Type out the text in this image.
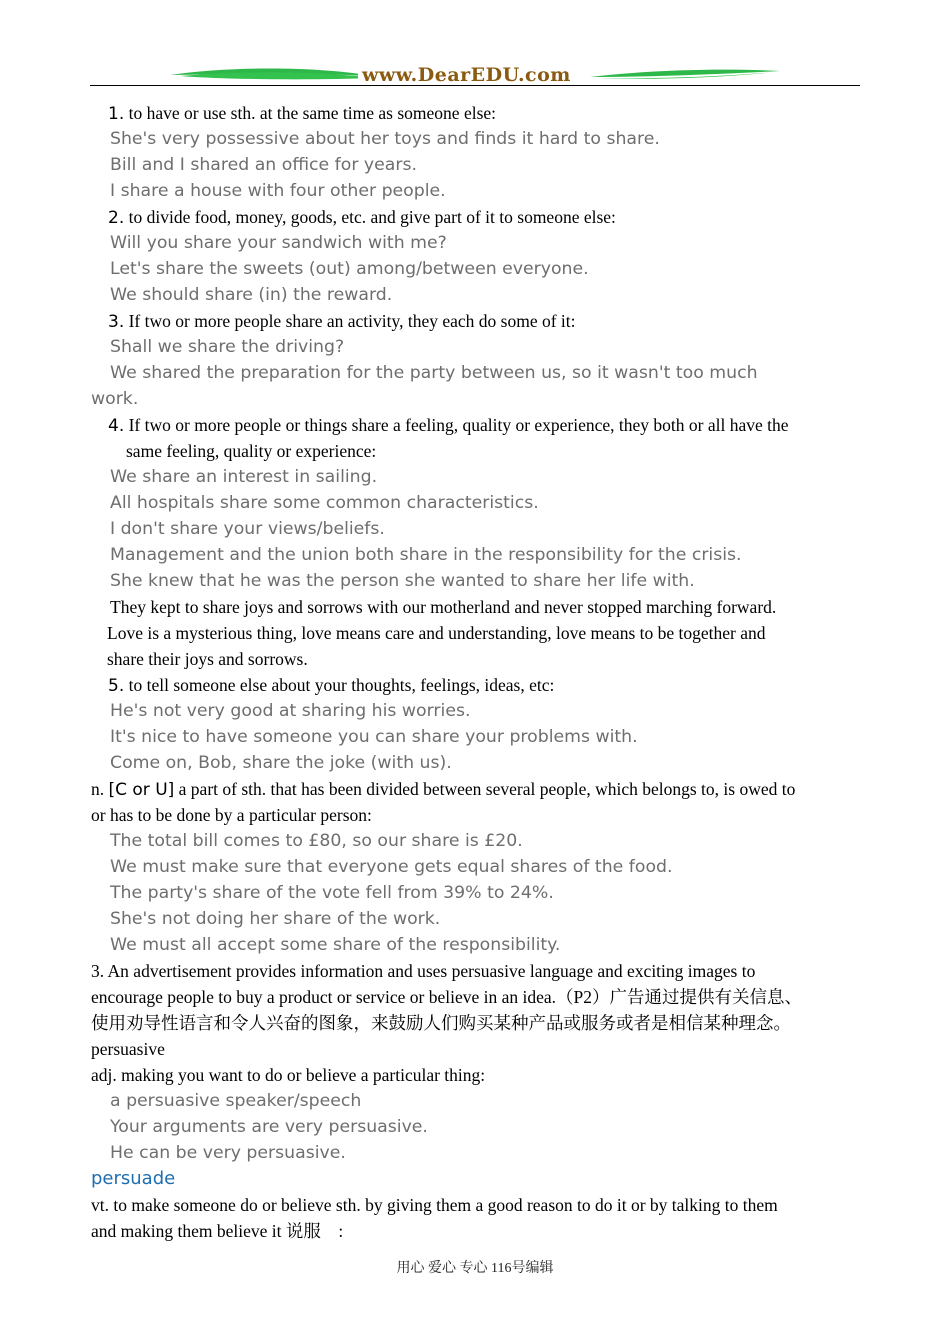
www.DearEDU.com
1. to have or use sth. at the same time as someone else:
She's very possessive about her toys and finds it hard to share.
Bill and I shared an office for years.
I share a house with four other people.
2. to divide food, money, goods, etc. and give part of it to someone else:
Will you share your sandwich with me?
Let's share the sweets (out) among/between everyone.
We should share (in) the reward.
3. If two or more people share an activity, they each do some of it:
Shall we share the driving?
We shared the preparation for the party between us, so it wasn't too much
work.
4. If two or more people or things share a feeling, quality or experience, they both or all have the
same feeling, quality or experience:
We share an interest in sailing.
All hospitals share some common characteristics.
I don't share your views/beliefs.
Management and the union both share in the responsibility for the crisis.
She knew that he was the person she wanted to share her life with.
They kept to share joys and sorrows with our motherland and never stopped marching forward.
Love is a mysterious thing, love means care and understanding, love means to be together and
share their joys and sorrows.
5. to tell someone else about your thoughts, feelings, ideas, etc:
He's not very good at sharing his worries.
It's nice to have someone you can share your problems with.
Come on, Bob, share the joke (with us).
n. [C or U] a part of sth. that has been divided between several people, which belongs to, is owed to
or has to be done by a particular person:
The total bill comes to £80, so our share is £20.
We must make sure that everyone gets equal shares of the food.
The party's share of the vote fell from 39% to 24%.
She's not doing her share of the work.
We must all accept some share of the responsibility.
3. An advertisement provides information and uses persuasive language and exciting images to
encourage people to buy a product or service or believe in an idea.（P2）广告通过提供有关信息、
使用劝导性语言和令人兴奋的图象，来鼓励人们购买某种产品或服务或者是相信某种理念。
persuasive
adj. making you want to do or believe a particular thing:
a persuasive speaker/speech
Your arguments are very persuasive.
He can be very persuasive.
persuade
vt. to make someone do or believe sth. by giving them a good reason to do it or by talking to them
and making them believe it 说服　:
用心 爱心 专心 116号编辑
